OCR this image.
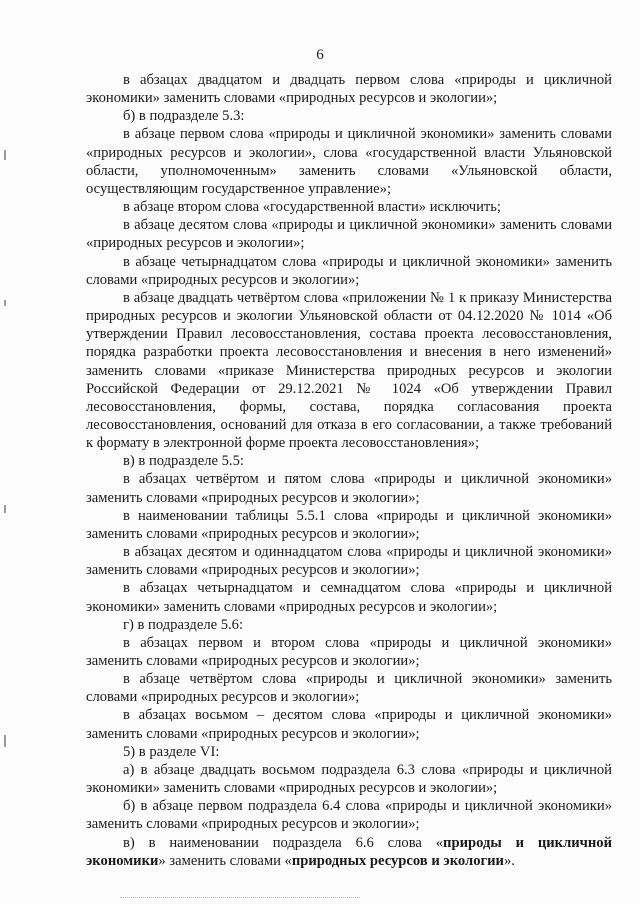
6

в абзацах двадцатом и двадцать первом слова «природы и цикличной экономики» заменить словами «природных ресурсов и экологии»;

б) в подразделе 5.3:

в абзаце первом слова «природы и цикличной экономики» заменить словами «природных ресурсов и экологии», слова «государственной власти Ульяновской области, уполномоченным» заменить словами «Ульяновской области, осуществляющим государственное управление»;

в абзаце втором слова «государственной власти» исключить;

в абзаце десятом слова «природы и цикличной экономики» заменить словами «природных ресурсов и экологии»;

в абзаце четырнадцатом слова «природы и цикличной экономики» заменить словами «природных ресурсов и экологии»;

в абзаце двадцать четвёртом слова «приложении № 1 к приказу Министерства природных ресурсов и экологии Ульяновской области от 04.12.2020 № 1014 «Об утверждении Правил лесовосстановления, состава проекта лесовосстановления, порядка разработки проекта лесовосстановления и внесения в него изменений» заменить словами «приказе Министерства природных ресурсов и экологии Российской Федерации от 29.12.2021 № 1024 «Об утверждении Правил лесовосстановления, формы, состава, порядка согласования проекта лесовосстановления, оснований для отказа в его согласовании, а также требований к формату в электронной форме проекта лесовосстановления»;

в) в подразделе 5.5:

в абзацах четвёртом и пятом слова «природы и цикличной экономики» заменить словами «природных ресурсов и экологии»;

в наименовании таблицы 5.5.1 слова «природы и цикличной экономики» заменить словами «природных ресурсов и экологии»;

в абзацах десятом и одиннадцатом слова «природы и цикличной экономики» заменить словами «природных ресурсов и экологии»;

в абзацах четырнадцатом и семнадцатом слова «природы и цикличной экономики» заменить словами «природных ресурсов и экологии»;

г) в подразделе 5.6:

в абзацах первом и втором слова «природы и цикличной экономики» заменить словами «природных ресурсов и экологии»;

в абзаце четвёртом слова «природы и цикличной экономики» заменить словами «природных ресурсов и экологии»;

в абзацах восьмом – десятом слова «природы и цикличной экономики» заменить словами «природных ресурсов и экологии»;

5) в разделе VI:

а) в абзаце двадцать восьмом подраздела 6.3 слова «природы и цикличной экономики» заменить словами «природных ресурсов и экологии»;

б) в абзаце первом подраздела 6.4 слова «природы и цикличной экономики» заменить словами «природных ресурсов и экологии»;

в) в наименовании подраздела 6.6 слова «природы и цикличной экономики» заменить словами «природных ресурсов и экологии».
